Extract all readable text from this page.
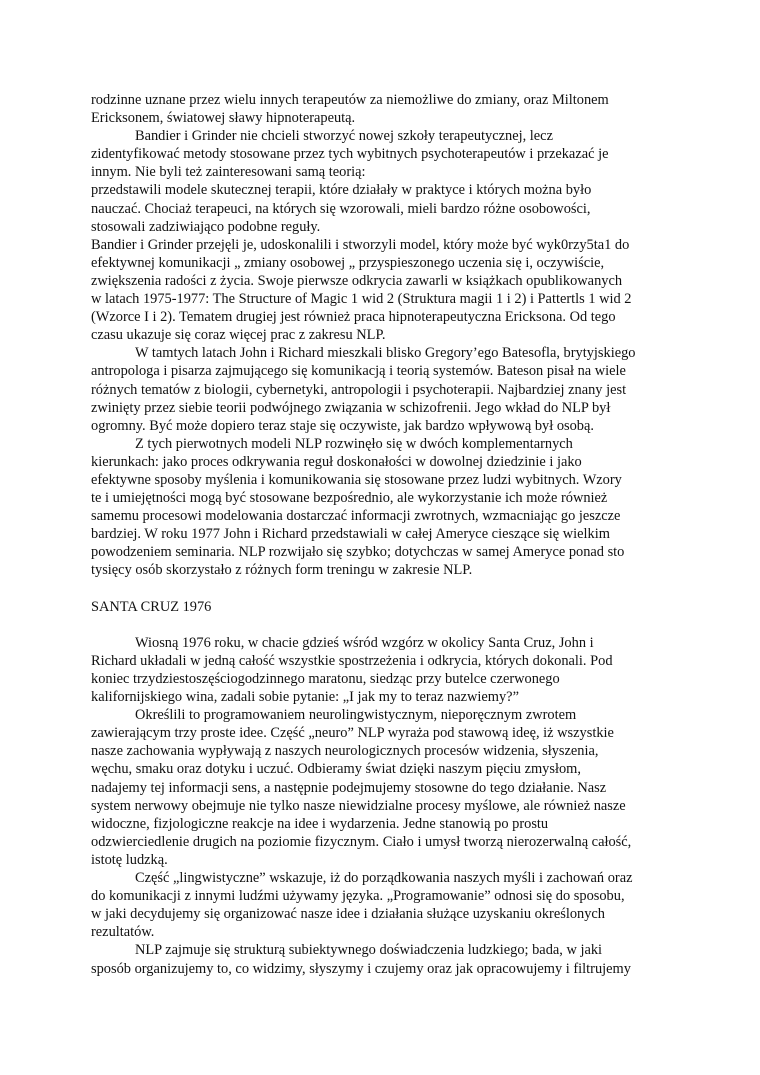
rodzinne uznane przez wielu innych terapeutów za niemożliwe do zmiany, oraz Miltonem

Ericksonem, światowej sławy hipnoterapeutą.

Bandier i Grinder nie chcieli stworzyć nowej szkoły terapeutycznej, lecz

zidentyfikować metody stosowane przez tych wybitnych psychoterapeutów i przekazać je

innym. Nie byli też zainteresowani samą teorią:

przedstawili modele skutecznej terapii, które działały w praktyce i których można było

nauczać. Chociaż terapeuci, na których się wzorowali, mieli bardzo różne osobowości,

stosowali zadziwiająco podobne reguły.

Bandier i Grinder przejęli je, udoskonalili i stworzyli model, który może być wyk0rzy5ta1 do

efektywnej komunikacji „ zmiany osobowej „ przyspieszonego uczenia się i, oczywiście,

zwiększenia radości z życia. Swoje pierwsze odkrycia zawarli w książkach opublikowanych

w latach 1975-1977: The Structure of Magic 1 wid 2 (Struktura magii 1 i 2) i Pattertls 1 wid 2

(Wzorce I i 2). Tematem drugiej jest również praca hipnoterapeutyczna Ericksona. Od tego

czasu ukazuje się coraz więcej prac z zakresu NLP.

W tamtych latach John i Richard mieszkali blisko Gregory’ego Batesofla, brytyjskiego

antropologa i pisarza zajmującego się komunikacją i teorią systemów. Bateson pisał na wiele

różnych tematów z biologii, cybernetyki, antropologii i psychoterapii. Najbardziej znany jest

zwinięty przez siebie teorii podwójnego związania w schizofrenii. Jego wkład do NLP był

ogromny. Być może dopiero teraz staje się oczywiste, jak bardzo wpływową był osobą.

Z tych pierwotnych modeli NLP rozwinęło się w dwóch komplementarnych

kierunkach: jako proces odkrywania reguł doskonałości w dowolnej dziedzinie i jako

efektywne sposoby myślenia i komunikowania się stosowane przez ludzi wybitnych. Wzory

te i umiejętności mogą być stosowane bezpośrednio, ale wykorzystanie ich może również

samemu procesowi modelowania dostarczać informacji zwrotnych, wzmacniając go jeszcze

bardziej. W roku 1977 John i Richard przedstawiali w całej Ameryce cieszące się wielkim

powodzeniem seminaria. NLP rozwijało się szybko; dotychczas w samej Ameryce ponad sto

tysięcy osób skorzystało z różnych form treningu w zakresie NLP.

SANTA CRUZ 1976

Wiosną 1976 roku, w chacie gdzieś wśród wzgórz w okolicy Santa Cruz, John i

Richard układali w jedną całość wszystkie spostrzeżenia i odkrycia, których dokonali. Pod

koniec trzydziestoszęściogodzinnego maratonu, siedząc przy butelce czerwonego

kalifornijskiego wina, zadali sobie pytanie: „I jak my to teraz nazwiemy?”

Określili to programowaniem neurolingwistycznym, nieporęcznym zwrotem

zawierającym trzy proste idee. Część „neuro” NLP wyraża pod stawową ideę, iż wszystkie

nasze zachowania wypływają z naszych neurologicznych procesów widzenia, słyszenia,

węchu, smaku oraz dotyku i uczuć. Odbieramy świat dzięki naszym pięciu zmysłom,

nadajemy tej informacji sens, a następnie podejmujemy stosowne do tego działanie. Nasz

system nerwowy obejmuje nie tylko nasze niewidzialne procesy myślowe, ale również nasze

widoczne, fizjologiczne reakcje na idee i wydarzenia. Jedne stanowią po prostu

odzwierciedlenie drugich na poziomie fizycznym. Ciało i umysł tworzą nierozerwalną całość,

istotę ludzką.

Część „lingwistyczne” wskazuje, iż do porządkowania naszych myśli i zachowań oraz

do komunikacji z innymi ludźmi używamy języka. „Programowanie” odnosi się do sposobu,

w jaki decydujemy się organizować nasze idee i działania służące uzyskaniu określonych

rezultatów.

NLP zajmuje się strukturą subiektywnego doświadczenia ludzkiego; bada, w jaki

sposób organizujemy to, co widzimy, słyszymy i czujemy oraz jak opracowujemy i filtrujemy
